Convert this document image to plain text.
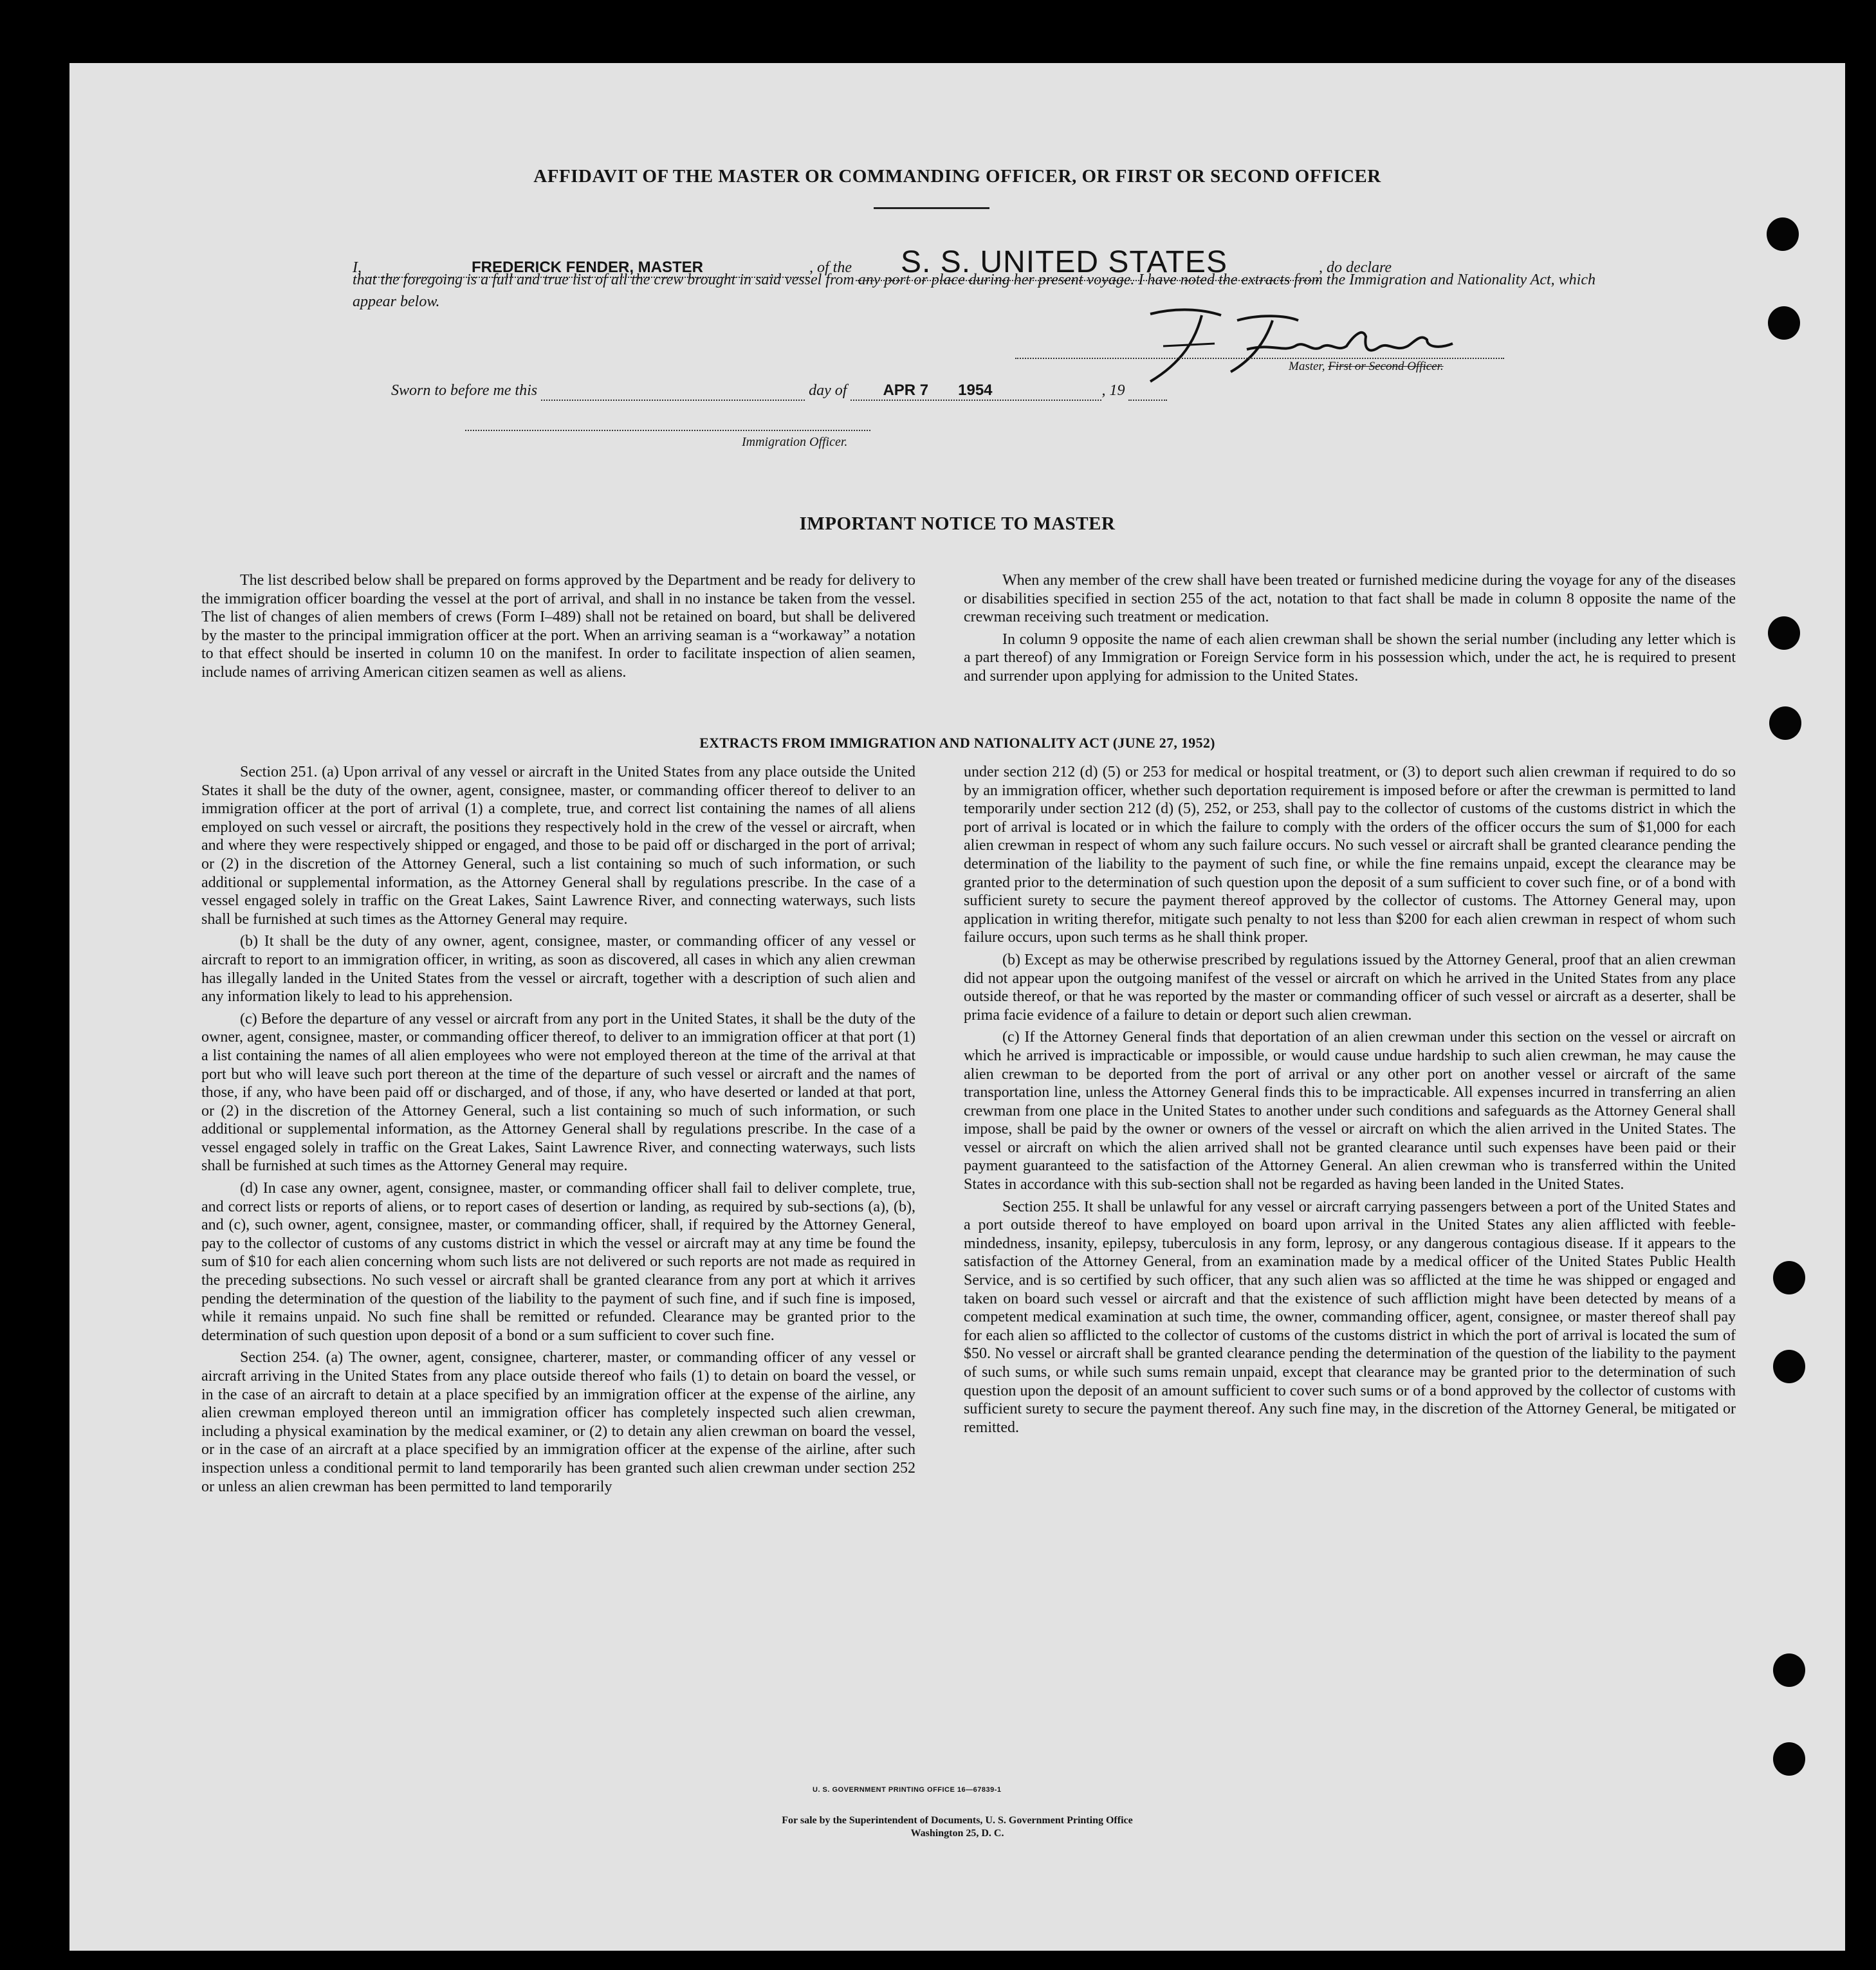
AFFIDAVIT OF THE MASTER OR COMMANDING OFFICER, OR FIRST OR SECOND OFFICER
I,	FREDERICK FENDER, MASTER	, of the S. S. UNITED STATES	, do declare
that the foregoing is a full and true list of all the crew brought in said vessel from any port or place during her present voyage. I have noted the extracts from the Immigration and Nationality Act, which appear below.
Master, First or Second Officer.
Sworn to before me this	day of APR 7 1954	, 19
Immigration Officer.
IMPORTANT NOTICE TO MASTER

The list described below shall be prepared on forms approved by the Department and be ready for delivery to the immigration officer boarding the vessel at the port of arrival, and shall in no instance be taken from the vessel. The list of changes of alien members of crews (Form I–489) shall not be retained on board, but shall be delivered by the master to the principal immigration officer at the port. When an arriving seaman is a “workaway” a notation to that effect should be inserted in column 10 on the manifest. In order to facilitate inspection of alien seamen, include names of arriving American citizen seamen as well as aliens.

When any member of the crew shall have been treated or furnished medicine during the voyage for any of the diseases or disabilities specified in section 255 of the act, notation to that fact shall be made in column 8 opposite the name of the crewman receiving such treatment or medication.

In column 9 opposite the name of each alien crewman shall be shown the serial number (including any letter which is a part thereof) of any Immigration or Foreign Service form in his possession which, under the act, he is required to present and surrender upon applying for admission to the United States.

EXTRACTS FROM IMMIGRATION AND NATIONALITY ACT (JUNE 27, 1952)

Section 251. (a) Upon arrival of any vessel or aircraft in the United States from any place outside the United States it shall be the duty of the owner, agent, consignee, master, or commanding officer thereof to deliver to an immigration officer at the port of arrival (1) a complete, true, and correct list containing the names of all aliens employed on such vessel or aircraft, the positions they respectively hold in the crew of the vessel or aircraft, when and where they were respectively shipped or engaged, and those to be paid off or discharged in the port of arrival; or (2) in the discretion of the Attorney General, such a list containing so much of such information, or such additional or supplemental information, as the Attorney General shall by regulations prescribe. In the case of a vessel engaged solely in traffic on the Great Lakes, Saint Lawrence River, and connecting waterways, such lists shall be furnished at such times as the Attorney General may require.

(b) It shall be the duty of any owner, agent, consignee, master, or commanding officer of any vessel or aircraft to report to an immigration officer, in writing, as soon as discovered, all cases in which any alien crewman has illegally landed in the United States from the vessel or aircraft, together with a description of such alien and any information likely to lead to his apprehension.

(c) Before the departure of any vessel or aircraft from any port in the United States, it shall be the duty of the owner, agent, consignee, master, or commanding officer thereof, to deliver to an immigration officer at that port (1) a list containing the names of all alien employees who were not employed thereon at the time of the arrival at that port but who will leave such port thereon at the time of the departure of such vessel or aircraft and the names of those, if any, who have been paid off or discharged, and of those, if any, who have deserted or landed at that port, or (2) in the discretion of the Attorney General, such a list containing so much of such information, or such additional or supplemental information, as the Attorney General shall by regulations prescribe. In the case of a vessel engaged solely in traffic on the Great Lakes, Saint Lawrence River, and connecting waterways, such lists shall be furnished at such times as the Attorney General may require.

(d) In case any owner, agent, consignee, master, or commanding officer shall fail to deliver complete, true, and correct lists or reports of aliens, or to report cases of desertion or landing, as required by sub-sections (a), (b), and (c), such owner, agent, consignee, master, or commanding officer, shall, if required by the Attorney General, pay to the collector of customs of any customs district in which the vessel or aircraft may at any time be found the sum of $10 for each alien concerning whom such lists are not delivered or such reports are not made as required in the preceding subsections. No such vessel or aircraft shall be granted clearance from any port at which it arrives pending the determination of the question of the liability to the payment of such fine, and if such fine is imposed, while it remains unpaid. No such fine shall be remitted or refunded. Clearance may be granted prior to the determination of such question upon deposit of a bond or a sum sufficient to cover such fine.

Section 254. (a) The owner, agent, consignee, charterer, master, or commanding officer of any vessel or aircraft arriving in the United States from any place outside thereof who fails (1) to detain on board the vessel, or in the case of an aircraft to detain at a place specified by an immigration officer at the expense of the airline, any alien crewman employed thereon until an immigration officer has completely inspected such alien crewman, including a physical examination by the medical examiner, or (2) to detain any alien crewman on board the vessel, or in the case of an aircraft at a place specified by an immigration officer at the expense of the airline, after such inspection unless a conditional permit to land temporarily has been granted such alien crewman under section 252 or unless an alien crewman has been permitted to land temporarily

under section 212 (d) (5) or 253 for medical or hospital treatment, or (3) to deport such alien crewman if required to do so by an immigration officer, whether such deportation requirement is imposed before or after the crewman is permitted to land temporarily under section 212 (d) (5), 252, or 253, shall pay to the collector of customs of the customs district in which the port of arrival is located or in which the failure to comply with the orders of the officer occurs the sum of $1,000 for each alien crewman in respect of whom any such failure occurs. No such vessel or aircraft shall be granted clearance pending the determination of the liability to the payment of such fine, or while the fine remains unpaid, except the clearance may be granted prior to the determination of such question upon the deposit of a sum sufficient to cover such fine, or of a bond with sufficient surety to secure the payment thereof approved by the collector of customs. The Attorney General may, upon application in writing therefor, mitigate such penalty to not less than $200 for each alien crewman in respect of whom such failure occurs, upon such terms as he shall think proper.

(b) Except as may be otherwise prescribed by regulations issued by the Attorney General, proof that an alien crewman did not appear upon the outgoing manifest of the vessel or aircraft on which he arrived in the United States from any place outside thereof, or that he was reported by the master or commanding officer of such vessel or aircraft as a deserter, shall be prima facie evidence of a failure to detain or deport such alien crewman.

(c) If the Attorney General finds that deportation of an alien crewman under this section on the vessel or aircraft on which he arrived is impracticable or impossible, or would cause undue hardship to such alien crewman, he may cause the alien crewman to be deported from the port of arrival or any other port on another vessel or aircraft of the same transportation line, unless the Attorney General finds this to be impracticable. All expenses incurred in transferring an alien crewman from one place in the United States to another under such conditions and safeguards as the Attorney General shall impose, shall be paid by the owner or owners of the vessel or aircraft on which the alien arrived in the United States. The vessel or aircraft on which the alien arrived shall not be granted clearance until such expenses have been paid or their payment guaranteed to the satisfaction of the Attorney General. An alien crewman who is transferred within the United States in accordance with this sub-section shall not be regarded as having been landed in the United States.

Section 255. It shall be unlawful for any vessel or aircraft carrying passengers between a port of the United States and a port outside thereof to have employed on board upon arrival in the United States any alien afflicted with feeble-mindedness, insanity, epilepsy, tuberculosis in any form, leprosy, or any dangerous contagious disease. If it appears to the satisfaction of the Attorney General, from an examination made by a medical officer of the United States Public Health Service, and is so certified by such officer, that any such alien was so afflicted at the time he was shipped or engaged and taken on board such vessel or aircraft and that the existence of such affliction might have been detected by means of a competent medical examination at such time, the owner, commanding officer, agent, consignee, or master thereof shall pay for each alien so afflicted to the collector of customs of the customs district in which the port of arrival is located the sum of $50. No vessel or aircraft shall be granted clearance pending the determination of the question of the liability to the payment of such sums, or while such sums remain unpaid, except that clearance may be granted prior to the determination of such question upon the deposit of an amount sufficient to cover such sums or of a bond approved by the collector of customs with sufficient surety to secure the payment thereof. Any such fine may, in the discretion of the Attorney General, be mitigated or remitted.

U. S. GOVERNMENT PRINTING OFFICE 16—67839-1
For sale by the Superintendent of Documents, U. S. Government Printing Office
Washington 25, D. C.
